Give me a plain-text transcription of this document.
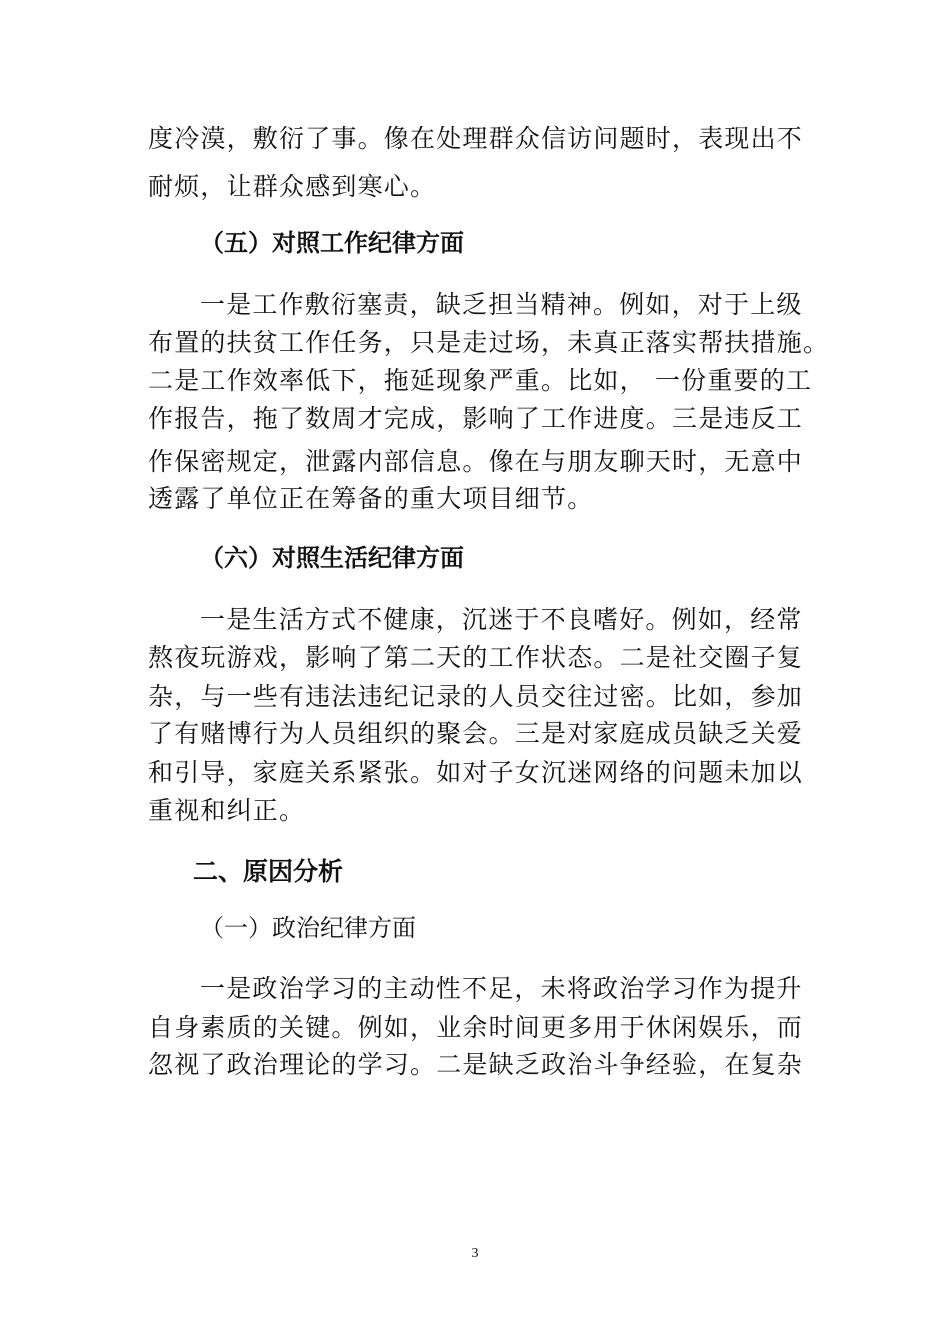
度冷漠，敷衍了事。像在处理群众信访问题时，表现出不
耐烦，让群众感到寒心。
（五）对照工作纪律方面
一是工作敷衍塞责，缺乏担当精神。例如，对于上级
布置的扶贫工作任务，只是走过场，未真正落实帮扶措施。
二是工作效率低下，拖延现象严重。比如， 一份重要的工
作报告，拖了数周才完成，影响了工作进度。三是违反工
作保密规定，泄露内部信息。像在与朋友聊天时，无意中
透露了单位正在筹备的重大项目细节。
（六）对照生活纪律方面
一是生活方式不健康，沉迷于不良嗜好。例如，经常
熬夜玩游戏，影响了第二天的工作状态。二是社交圈子复
杂，与一些有违法违纪记录的人员交往过密。比如，参加
了有赌博行为人员组织的聚会。三是对家庭成员缺乏关爱
和引导，家庭关系紧张。如对子女沉迷网络的问题未加以
重视和纠正。
二、原因分析
（一）政治纪律方面
一是政治学习的主动性不足，未将政治学习作为提升
自身素质的关键。例如，业余时间更多用于休闲娱乐，而
忽视了政治理论的学习。二是缺乏政治斗争经验，在复杂
3
